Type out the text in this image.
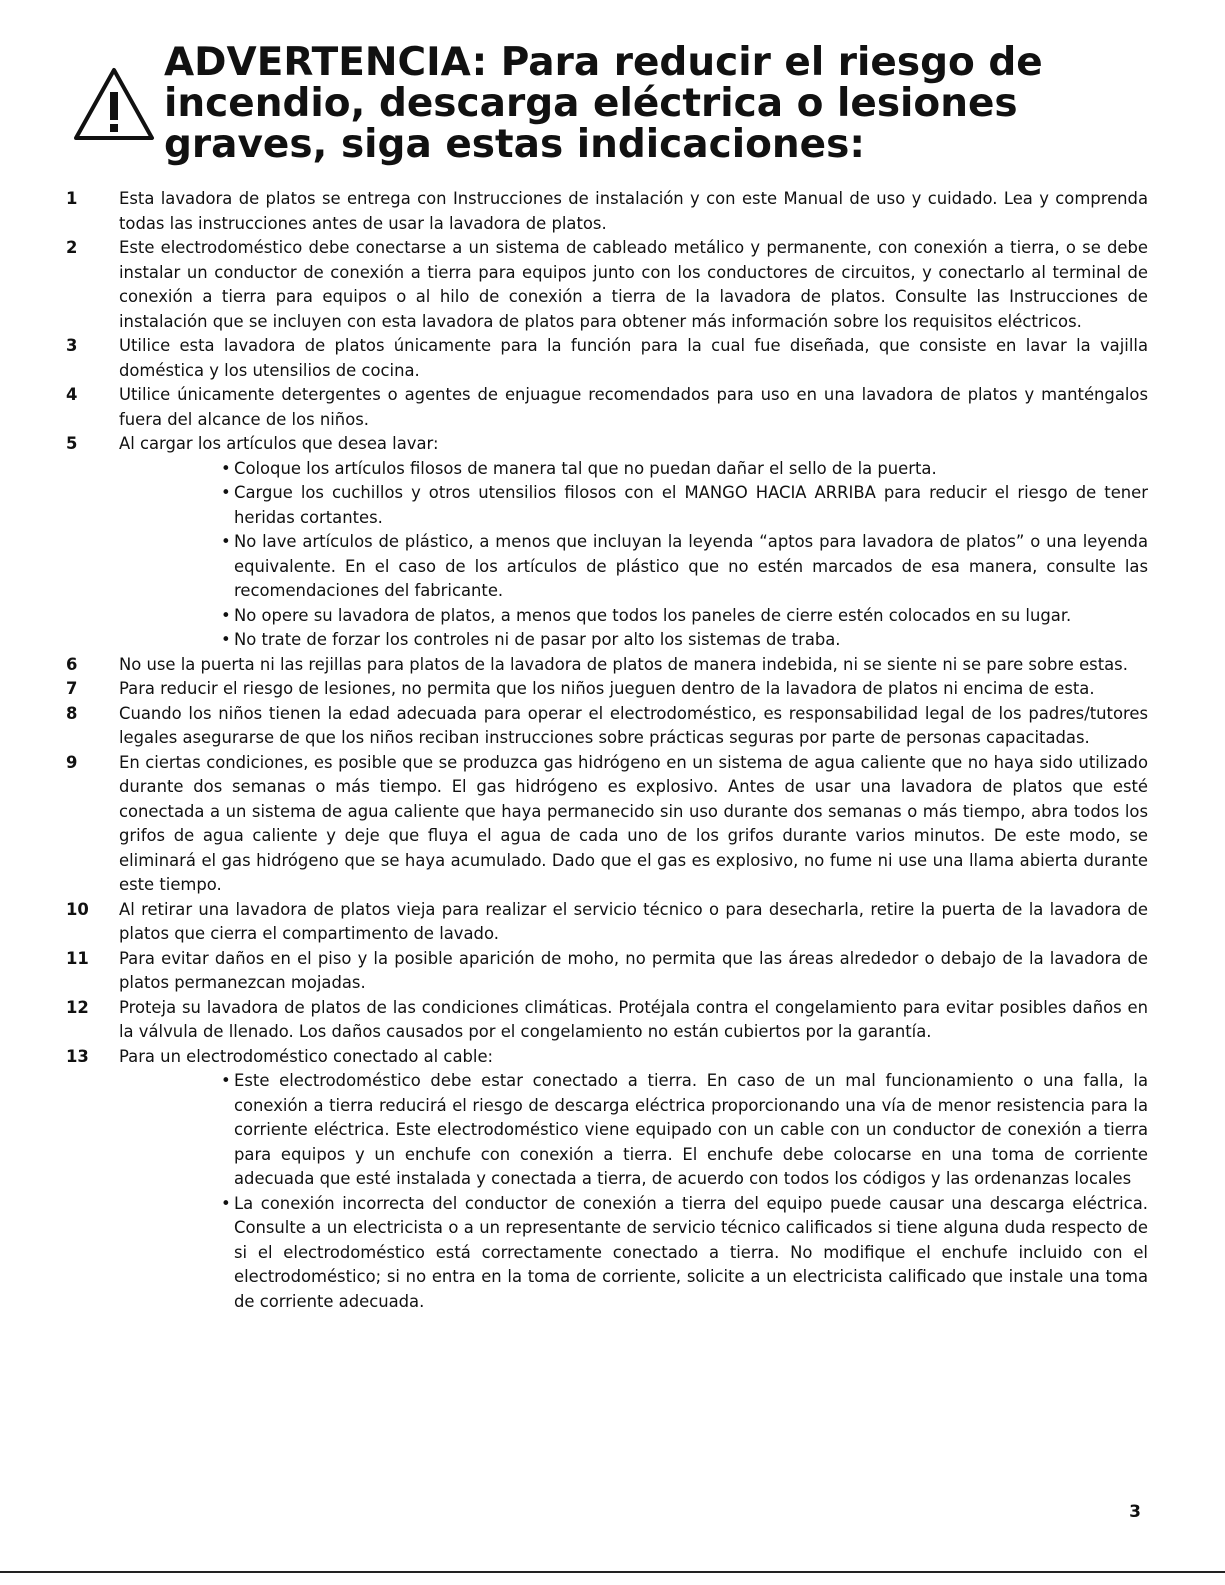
ADVERTENCIA: Para reducir el riesgo de incendio, descarga eléctrica o lesiones graves, siga estas indicaciones:
1	Esta lavadora de platos se entrega con Instrucciones de instalación y con este Manual de uso y cuidado. Lea y comprenda todas las instrucciones antes de usar la lavadora de platos.
2	Este electrodoméstico debe conectarse a un sistema de cableado metálico y permanente, con conexión a tierra, o se debe instalar un conductor de conexión a tierra para equipos junto con los conductores de circuitos, y conectarlo al terminal de conexión a tierra para equipos o al hilo de conexión a tierra de la lavadora de platos. Consulte las Instrucciones de instalación que se incluyen con esta lavadora de platos para obtener más información sobre los requisitos eléctricos.
3	Utilice esta lavadora de platos únicamente para la función para la cual fue diseñada, que consiste en lavar la vajilla doméstica y los utensilios de cocina.
4	Utilice únicamente detergentes o agentes de enjuague recomendados para uso en una lavadora de platos y manténgalos fuera del alcance de los niños.
5	Al cargar los artículos que desea lavar:
• Coloque los artículos filosos de manera tal que no puedan dañar el sello de la puerta.
• Cargue los cuchillos y otros utensilios filosos con el MANGO HACIA ARRIBA para reducir el riesgo de tener heridas cortantes.
• No lave artículos de plástico, a menos que incluyan la leyenda “aptos para lavadora de platos” o una leyenda equivalente. En el caso de los artículos de plástico que no estén marcados de esa manera, consulte las recomendaciones del fabricante.
• No opere su lavadora de platos, a menos que todos los paneles de cierre estén colocados en su lugar.
• No trate de forzar los controles ni de pasar por alto los sistemas de traba.
6	No use la puerta ni las rejillas para platos de la lavadora de platos de manera indebida, ni se siente ni se pare sobre estas.
7	Para reducir el riesgo de lesiones, no permita que los niños jueguen dentro de la lavadora de platos ni encima de esta.
8	Cuando los niños tienen la edad adecuada para operar el electrodoméstico, es responsabilidad legal de los padres/tutores legales asegurarse de que los niños reciban instrucciones sobre prácticas seguras por parte de personas capacitadas.
9	En ciertas condiciones, es posible que se produzca gas hidrógeno en un sistema de agua caliente que no haya sido utilizado durante dos semanas o más tiempo. El gas hidrógeno es explosivo. Antes de usar una lavadora de platos que esté conectada a un sistema de agua caliente que haya permanecido sin uso durante dos semanas o más tiempo, abra todos los grifos de agua caliente y deje que fluya el agua de cada uno de los grifos durante varios minutos. De este modo, se eliminará el gas hidrógeno que se haya acumulado. Dado que el gas es explosivo, no fume ni use una llama abierta durante este tiempo.
10 Al retirar una lavadora de platos vieja para realizar el servicio técnico o para desecharla, retire la puerta de la lavadora de platos que cierra el compartimento de lavado.
11 Para evitar daños en el piso y la posible aparición de moho, no permita que las áreas alrededor o debajo de la lavadora de platos permanezcan mojadas.
12 Proteja su lavadora de platos de las condiciones climáticas. Protéjala contra el congelamiento para evitar posibles daños en la válvula de llenado. Los daños causados por el congelamiento no están cubiertos por la garantía.
13 Para un electrodoméstico conectado al cable:
• Este electrodoméstico debe estar conectado a tierra. En caso de un mal funcionamiento o una falla, la conexión a tierra reducirá el riesgo de descarga eléctrica proporcionando una vía de menor resistencia para la corriente eléctrica. Este electrodoméstico viene equipado con un cable con un conductor de conexión a tierra para equipos y un enchufe con conexión a tierra. El enchufe debe colocarse en una toma de corriente adecuada que esté instalada y conectada a tierra, de acuerdo con todos los códigos y las ordenanzas locales
• La conexión incorrecta del conductor de conexión a tierra del equipo puede causar una descarga eléctrica. Consulte a un electricista o a un representante de servicio técnico calificados si tiene alguna duda respecto de si el electrodoméstico está correctamente conectado a tierra. No modifique el enchufe incluido con el electrodoméstico; si no entra en la toma de corriente, solicite a un electricista calificado que instale una toma de corriente adecuada.
3
